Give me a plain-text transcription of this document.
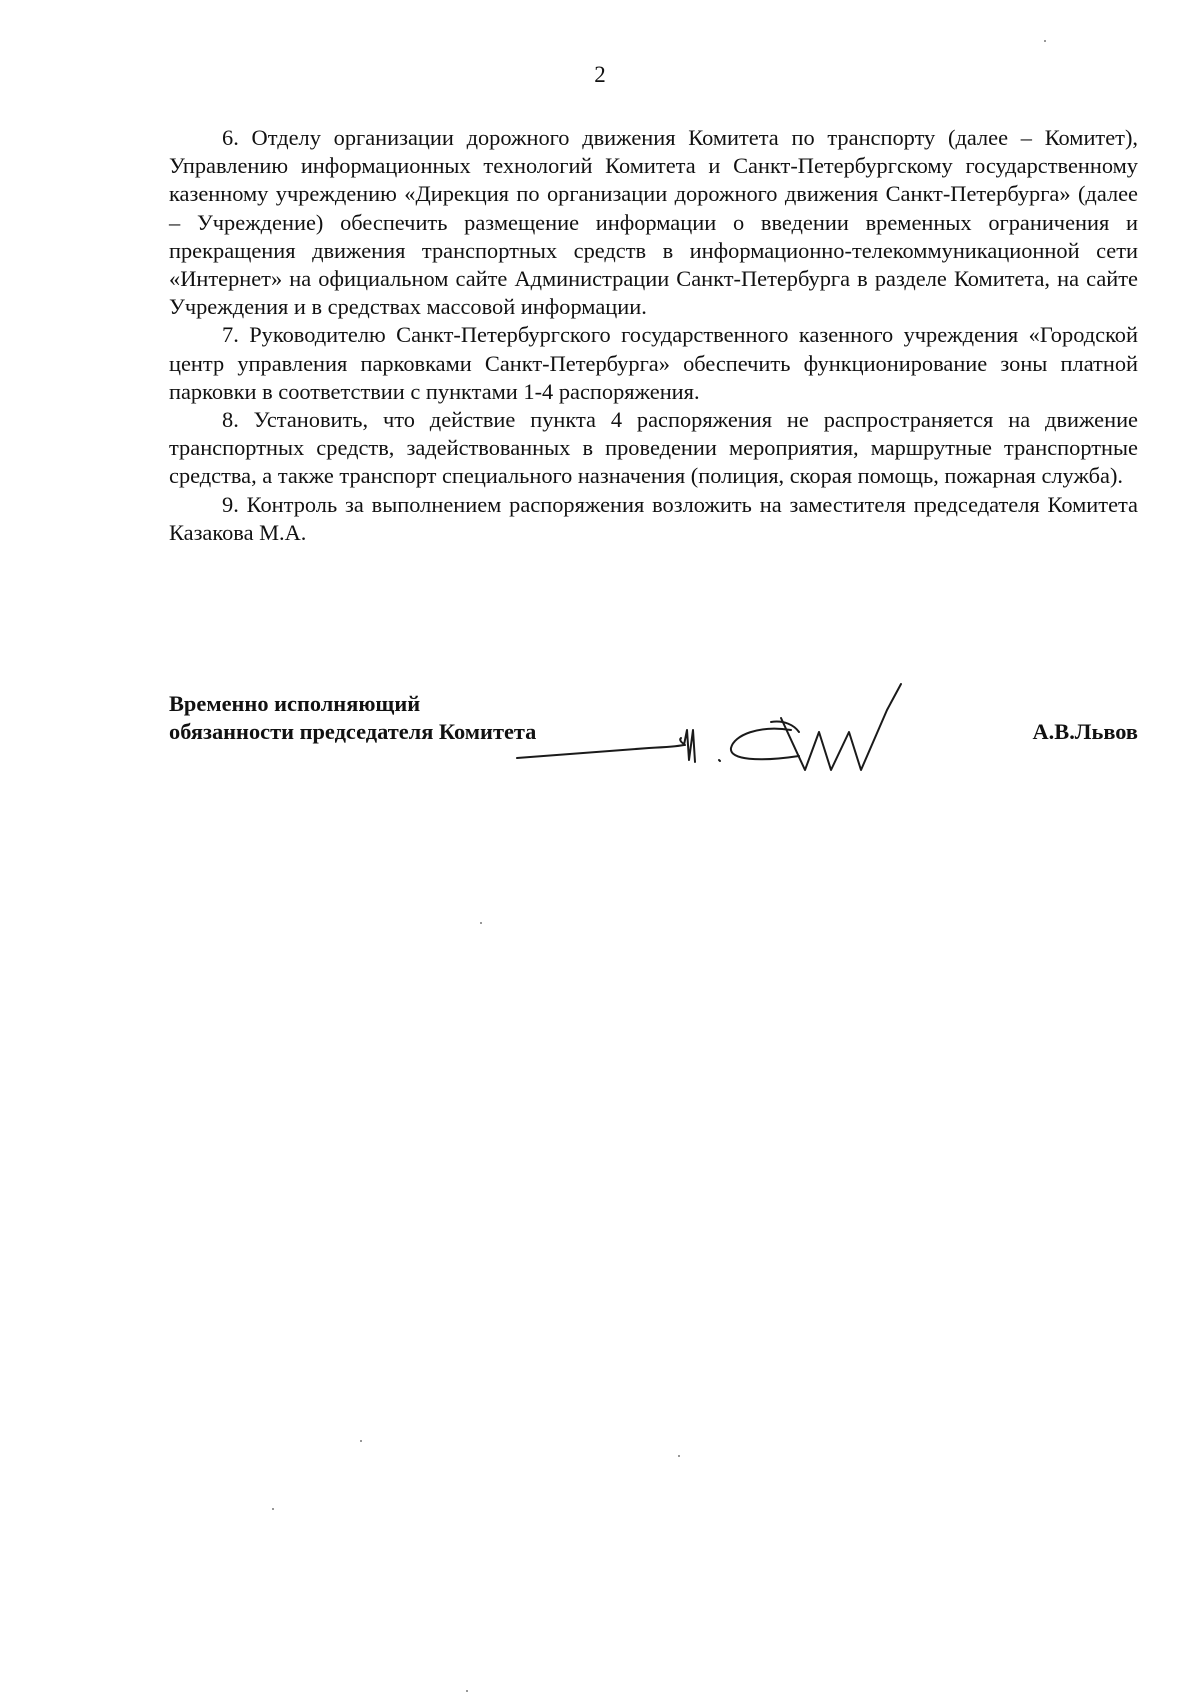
2

6. Отделу организации дорожного движения Комитета по транспорту (далее – Комитет), Управлению информационных технологий Комитета и Санкт-Петербургскому государственному казенному учреждению «Дирекция по организации дорожного движения Санкт-Петербурга» (далее – Учреждение) обеспечить размещение информации о введении временных ограничения и прекращения движения транспортных средств в информационно-телекоммуникационной сети «Интернет» на официальном сайте Администрации Санкт-Петербурга в разделе Комитета, на сайте Учреждения и в средствах массовой информации.

7. Руководителю Санкт-Петербургского государственного казенного учреждения «Городской центр управления парковками Санкт-Петербурга» обеспечить функционирование зоны платной парковки в соответствии с пунктами 1-4 распоряжения.

8. Установить, что действие пункта 4 распоряжения не распространяется на движение транспортных средств, задействованных в проведении мероприятия, маршрутные транспортные средства, а также транспорт специального назначения (полиция, скорая помощь, пожарная служба).

9. Контроль за выполнением распоряжения возложить на заместителя председателя Комитета Казакова М.А.

Временно исполняющий
обязанности председателя Комитета	А.В.Львов
